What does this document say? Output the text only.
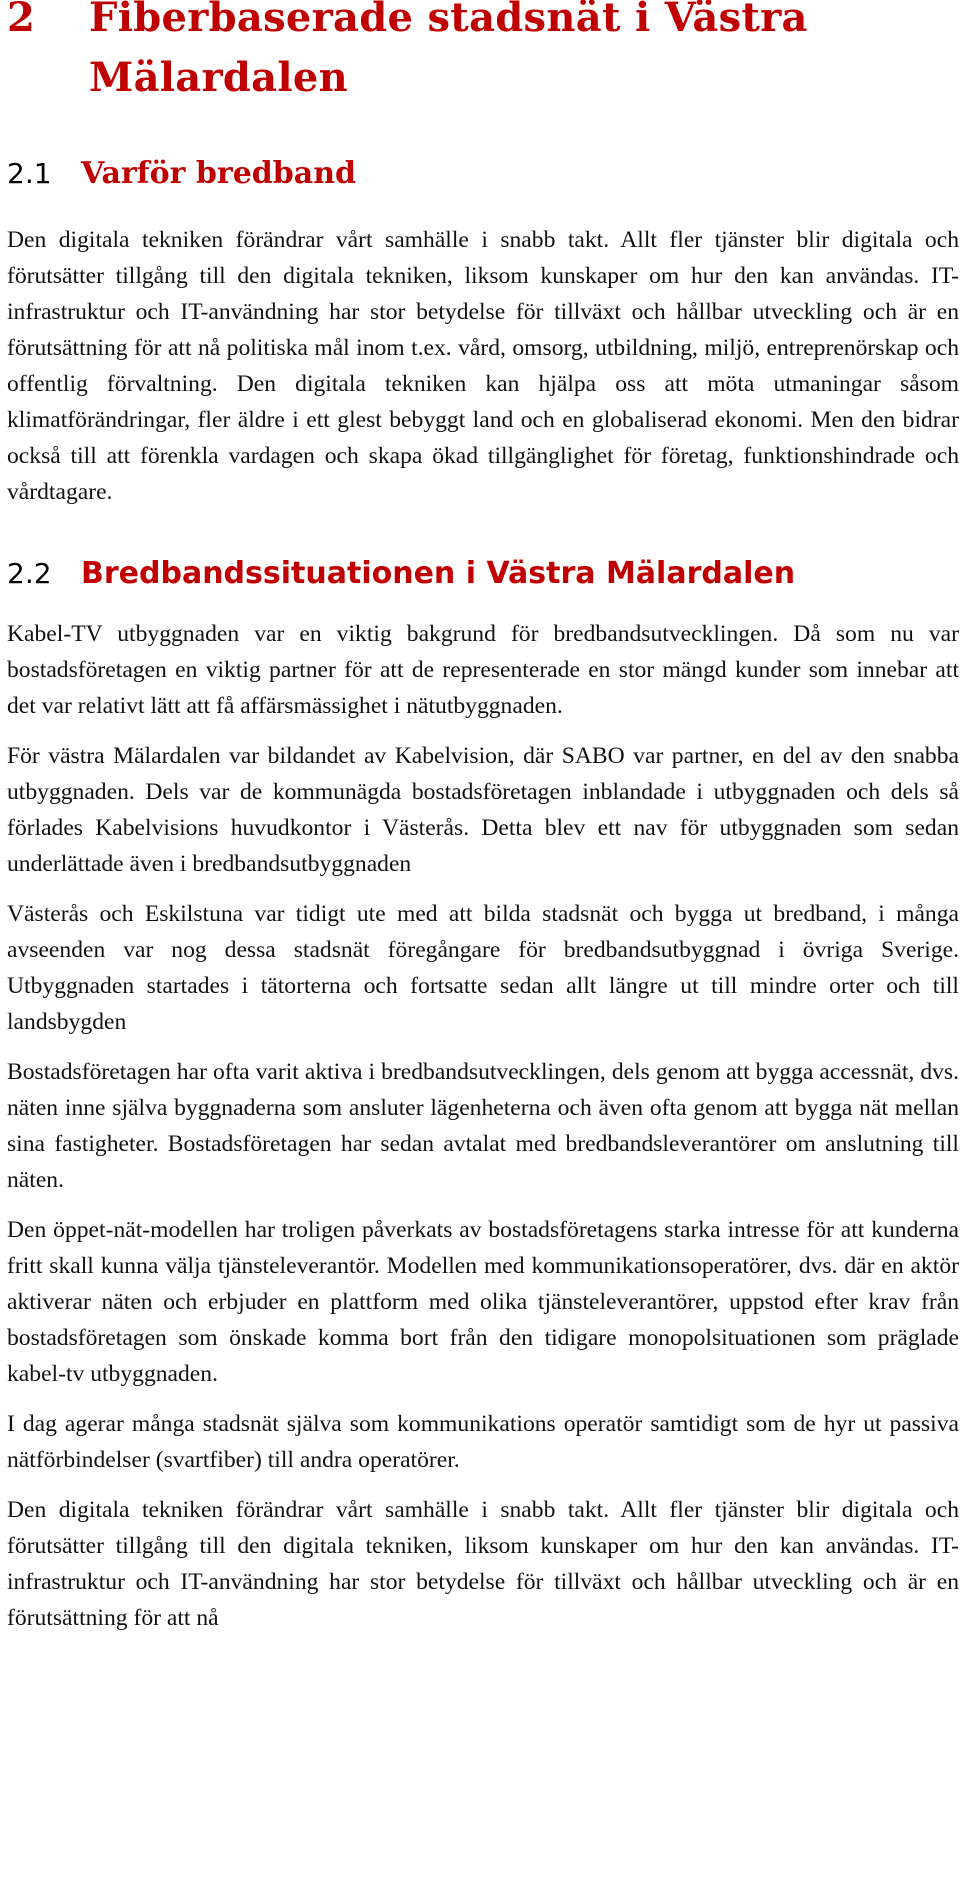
2	Fiberbaserade stadsnät i Västra
Mälardalen
2.1 Varför bredband

Den digitala tekniken förändrar vårt samhälle i snabb takt. Allt fler tjänster blir digitala och förutsätter tillgång till den digitala tekniken, liksom kunskaper om hur den kan användas. IT-infrastruktur och IT-användning har stor betydelse för tillväxt och hållbar utveckling och är en förutsättning för att nå politiska mål inom t.ex. vård, omsorg, utbildning, miljö, entreprenörskap och offentlig förvaltning. Den digitala tekniken kan hjälpa oss att möta utmaningar såsom klimatförändringar, fler äldre i ett glest bebyggt land och en globaliserad ekonomi. Men den bidrar också till att förenkla vardagen och skapa ökad tillgänglighet för företag, funktionshindrade och vårdtagare.

2.2 Bredbandssituationen i Västra Mälardalen

Kabel-TV utbyggnaden var en viktig bakgrund för bredbandsutvecklingen. Då som nu var bostadsföretagen en viktig partner för att de representerade en stor mängd kunder som innebar att det var relativt lätt att få affärsmässighet i nätutbyggnaden.

För västra Mälardalen var bildandet av Kabelvision, där SABO var partner, en del av den snabba utbyggnaden. Dels var de kommunägda bostadsföretagen inblandade i utbyggnaden och dels så förlades Kabelvisions huvudkontor i Västerås. Detta blev ett nav för utbyggnaden som sedan underlättade även i bredbandsutbyggnaden

Västerås och Eskilstuna var tidigt ute med att bilda stadsnät och bygga ut bredband, i många avseenden var nog dessa stadsnät föregångare för bredbandsutbyggnad i övriga Sverige. Utbyggnaden startades i tätorterna och fortsatte sedan allt längre ut till mindre orter och till landsbygden

Bostadsföretagen har ofta varit aktiva i bredbandsutvecklingen, dels genom att bygga accessnät, dvs. näten inne själva byggnaderna som ansluter lägenheterna och även ofta genom att bygga nät mellan sina fastigheter. Bostadsföretagen har sedan avtalat med bredbandsleverantörer om anslutning till näten.

Den öppet-nät-modellen har troligen påverkats av bostadsföretagens starka intresse för att kunderna fritt skall kunna välja tjänsteleverantör. Modellen med kommunikationsoperatörer, dvs. där en aktör aktiverar näten och erbjuder en plattform med olika tjänsteleverantörer, uppstod efter krav från bostadsföretagen som önskade komma bort från den tidigare monopolsituationen som präglade kabel-tv utbyggnaden.

I dag agerar många stadsnät själva som kommunikations operatör samtidigt som de hyr ut passiva nätförbindelser (svartfiber) till andra operatörer.

Den digitala tekniken förändrar vårt samhälle i snabb takt. Allt fler tjänster blir digitala och förutsätter tillgång till den digitala tekniken, liksom kunskaper om hur den kan användas. IT-infrastruktur och IT-användning har stor betydelse för tillväxt och hållbar utveckling och är en förutsättning för att nå
